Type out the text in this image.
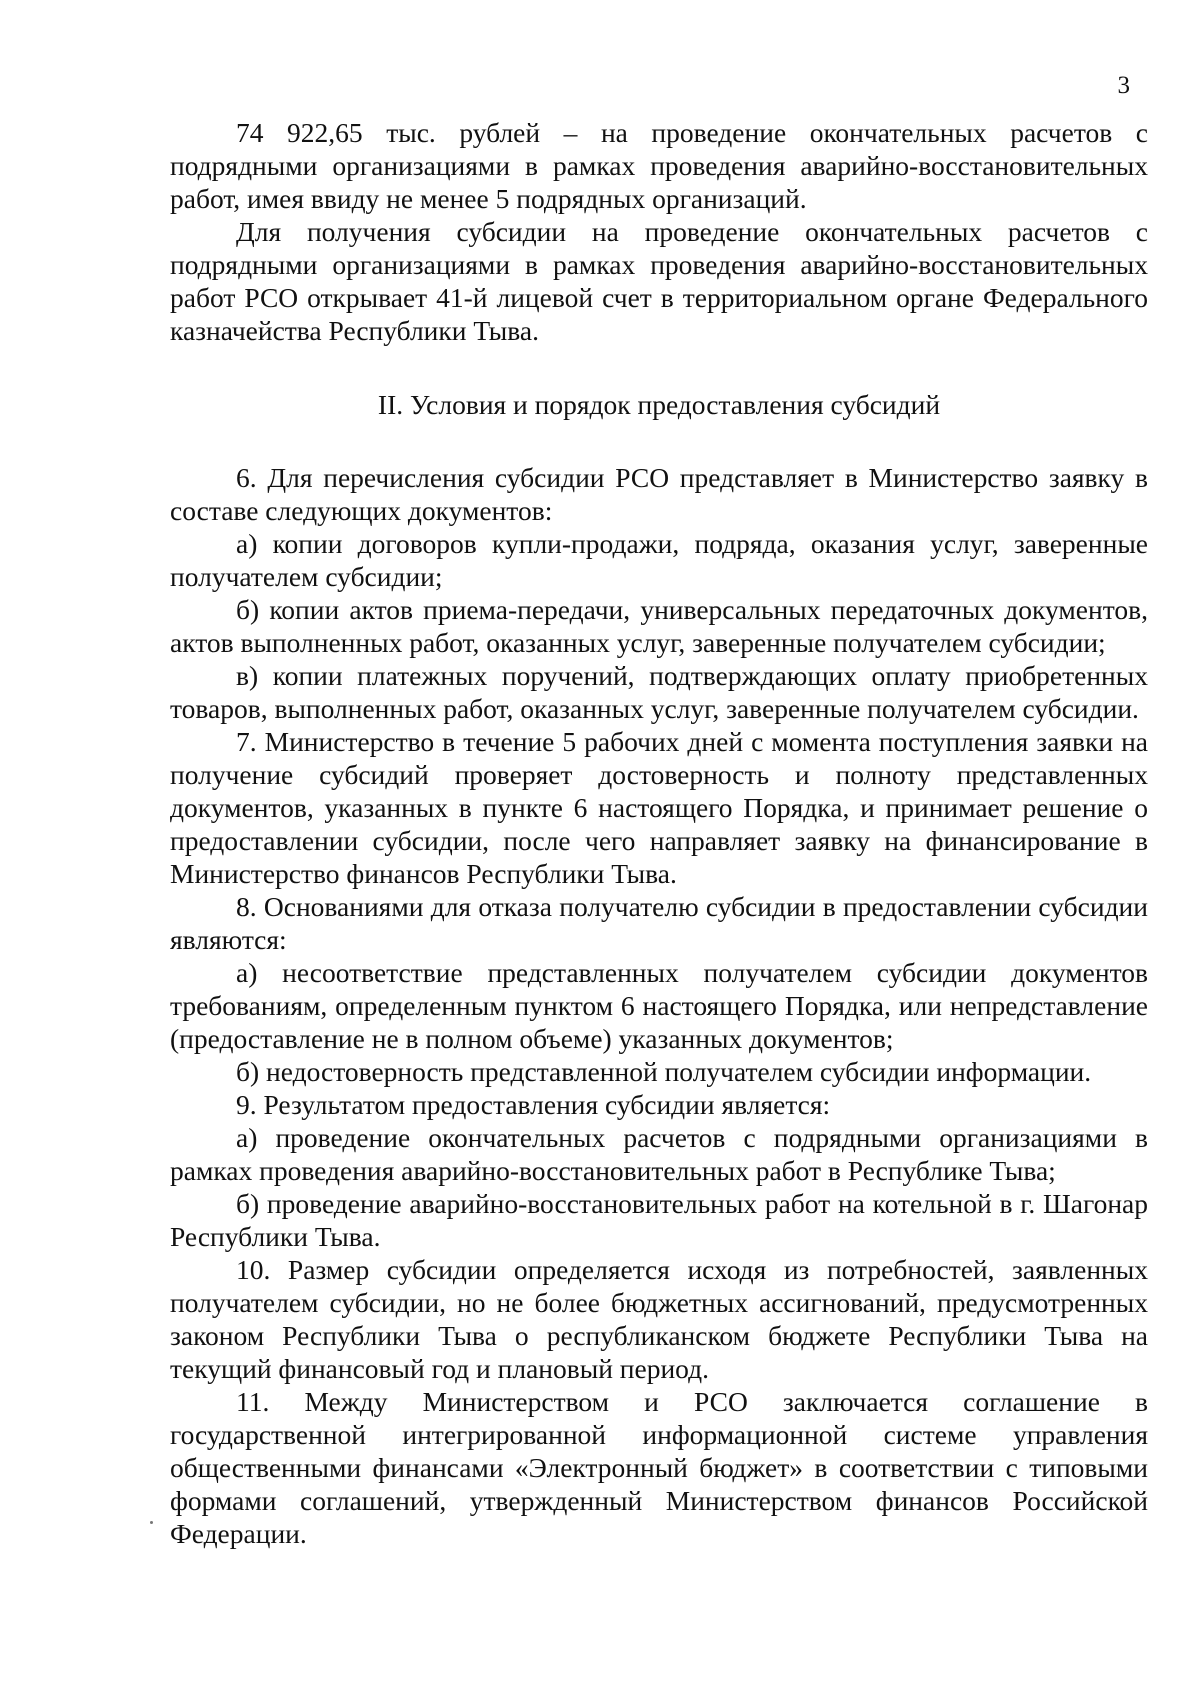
3

74 922,65 тыс. рублей – на проведение окончательных расчетов с подрядными организациями в рамках проведения аварийно-восстановительных работ, имея ввиду не менее 5 подрядных организаций.

Для получения субсидии на проведение окончательных расчетов с подрядными организациями в рамках проведения аварийно-восстановительных работ РСО открывает 41-й лицевой счет в территориальном органе Федерального казначейства Республики Тыва.

II. Условия и порядок предоставления субсидий

6. Для перечисления субсидии РСО представляет в Министерство заявку в составе следующих документов:

а) копии договоров купли-продажи, подряда, оказания услуг, заверенные получателем субсидии;

б) копии актов приема-передачи, универсальных передаточных документов, актов выполненных работ, оказанных услуг, заверенные получателем субсидии;

в) копии платежных поручений, подтверждающих оплату приобретенных товаров, выполненных работ, оказанных услуг, заверенные получателем субсидии.

7. Министерство в течение 5 рабочих дней с момента поступления заявки на получение субсидий проверяет достоверность и полноту представленных документов, указанных в пункте 6 настоящего Порядка, и принимает решение о предоставлении субсидии, после чего направляет заявку на финансирование в Министерство финансов Республики Тыва.

8. Основаниями для отказа получателю субсидии в предоставлении субсидии являются:

а) несоответствие представленных получателем субсидии документов требованиям, определенным пунктом 6 настоящего Порядка, или непредставление (предоставление не в полном объеме) указанных документов;

б) недостоверность представленной получателем субсидии информации.

9. Результатом предоставления субсидии является:

а) проведение окончательных расчетов с подрядными организациями в рамках проведения аварийно-восстановительных работ в Республике Тыва;

б) проведение аварийно-восстановительных работ на котельной в г. Шагонар Республики Тыва.

10. Размер субсидии определяется исходя из потребностей, заявленных получателем субсидии, но не более бюджетных ассигнований, предусмотренных законом Республики Тыва о республиканском бюджете Республики Тыва на текущий финансовый год и плановый период.

11. Между Министерством и РСО заключается соглашение в государственной интегрированной информационной системе управления общественными финансами «Электронный бюджет» в соответствии с типовыми формами соглашений, утвержденный Министерством финансов Российской Федерации.
